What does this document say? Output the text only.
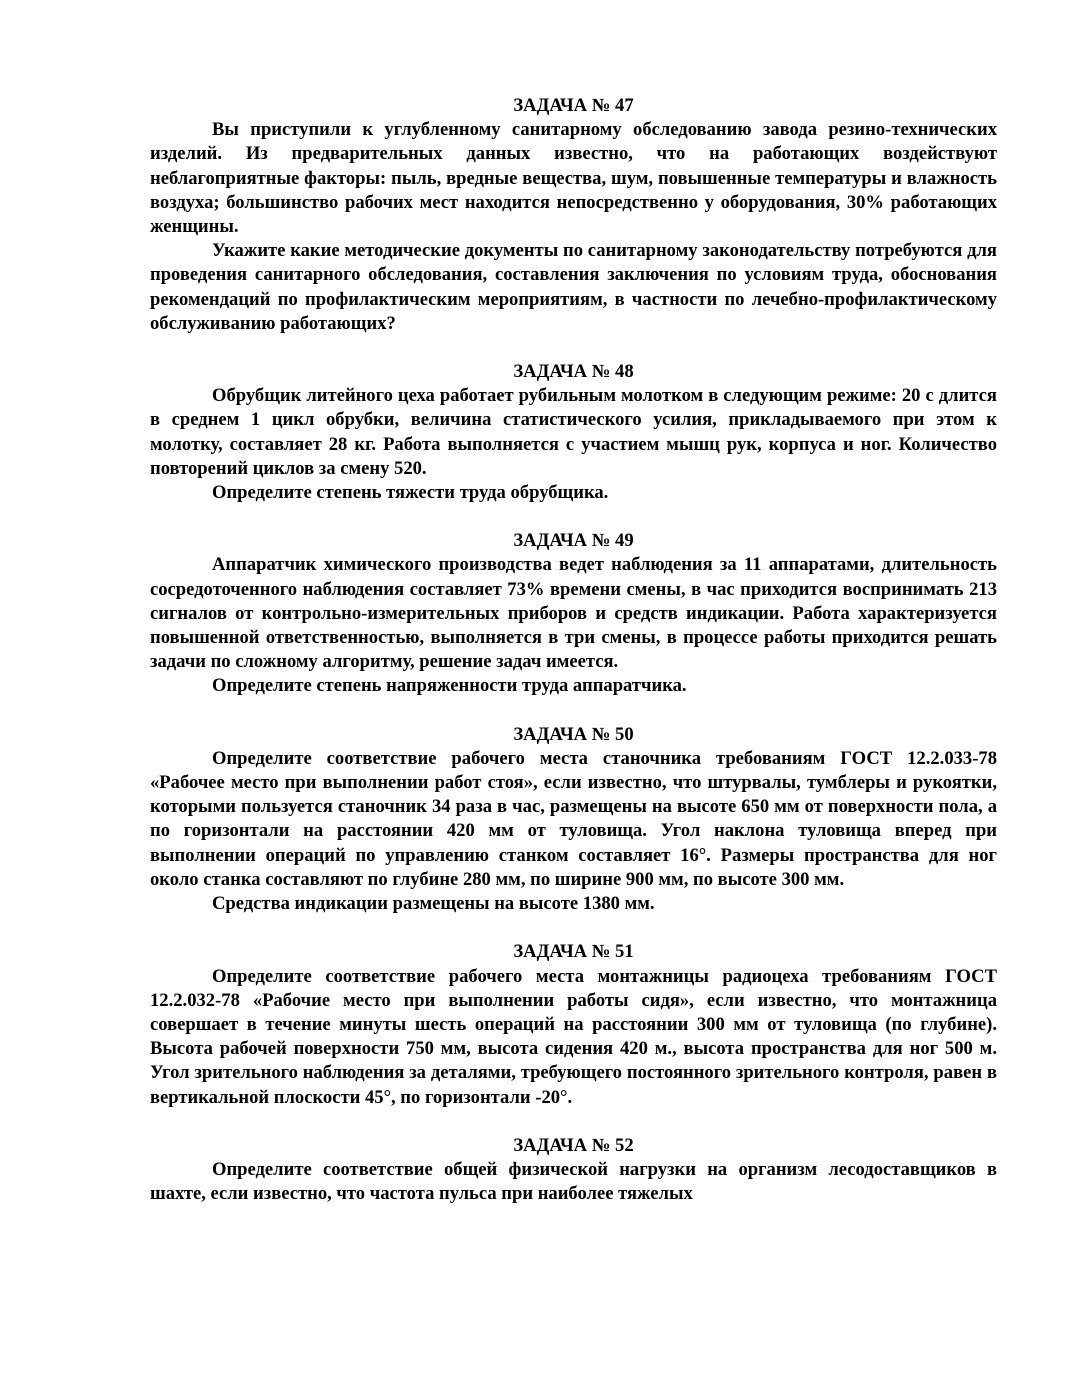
ЗАДАЧА № 47

Вы приступили к углубленному санитарному обследованию завода резино-технических изделий. Из предварительных данных известно, что на работающих воздействуют неблагоприятные факторы: пыль, вредные вещества, шум, повышенные температуры и влажность воздуха; большинство рабочих мест находится непосредственно у оборудования, 30% работающих женщины.

Укажите какие методические документы по санитарному законодательству потребуются для проведения санитарного обследования, составления заключения по условиям труда, обоснования рекомендаций по профилактическим мероприятиям, в частности по лечебно-профилактическому обслуживанию работающих?

ЗАДАЧА № 48

Обрубщик литейного цеха работает рубильным молотком в следующим режиме: 20 с длится в среднем 1 цикл обрубки, величина статистического усилия, прикладываемого при этом к молотку, составляет 28 кг. Работа выполняется с участием мышц рук, корпуса и ног. Количество повторений циклов за смену 520.

Определите степень тяжести труда обрубщика.

ЗАДАЧА № 49

Аппаратчик химического производства ведет наблюдения за 11 аппаратами, длительность сосредоточенного наблюдения составляет 73% времени смены, в час приходится воспринимать 213 сигналов от контрольно-измерительных приборов и средств индикации. Работа характеризуется повышенной ответственностью, выполняется в три смены, в процессе работы приходится решать задачи по сложному алгоритму, решение задач имеется.

Определите степень напряженности труда аппаратчика.

ЗАДАЧА № 50

Определите соответствие рабочего места станочника требованиям ГОСТ 12.2.033-78 «Рабочее место при выполнении работ стоя», если известно, что штурвалы, тумблеры и рукоятки, которыми пользуется станочник 34 раза в час, размещены на высоте 650 мм от поверхности пола, а по горизонтали на расстоянии 420 мм от туловища. Угол наклона туловища вперед при выполнении операций по управлению станком составляет 16°. Размеры пространства для ног около станка составляют по глубине 280 мм, по ширине 900 мм, по высоте 300 мм.

Средства индикации размещены на высоте 1380 мм.

ЗАДАЧА № 51

Определите соответствие рабочего места монтажницы радиоцеха требованиям ГОСТ 12.2.032-78 «Рабочие место при выполнении работы сидя», если известно, что монтажница совершает в течение минуты шесть операций на расстоянии 300 мм от туловища (по глубине). Высота рабочей поверхности 750 мм, высота сидения 420 м., высота пространства для ног 500 м. Угол зрительного наблюдения за деталями, требующего постоянного зрительного контроля, равен в вертикальной плоскости 45°, по горизонтали -20°.

ЗАДАЧА № 52

Определите соответствие общей физической нагрузки на организм лесодоставщиков в шахте, если известно, что частота пульса при наиболее тяжелых
